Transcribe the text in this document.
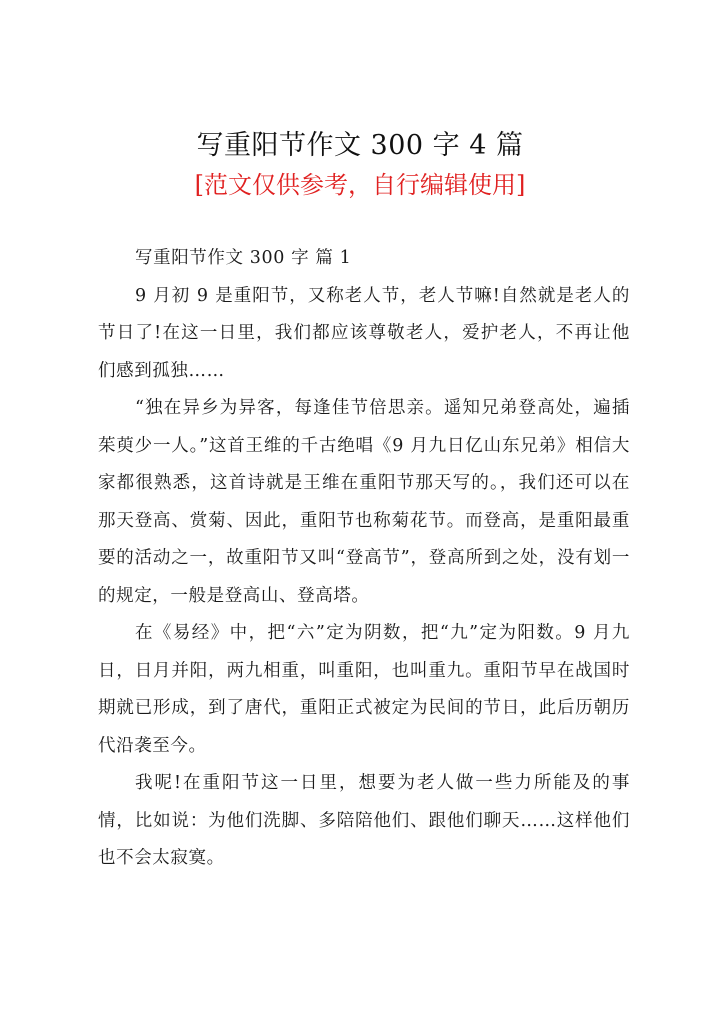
写重阳节作文 300 字 4 篇
[范文仅供参考，自行编辑使用]

写重阳节作文 300 字 篇 1

9 月初 9 是重阳节，又称老人节，老人节嘛!自然就是老人的节日了!在这一日里，我们都应该尊敬老人，爱护老人，不再让他们感到孤独……

“独在异乡为异客，每逢佳节倍思亲。遥知兄弟登高处，遍插茱萸少一人。”这首王维的千古绝唱《9 月九日亿山东兄弟》相信大家都很熟悉，这首诗就是王维在重阳节那天写的。，我们还可以在那天登高、赏菊、因此，重阳节也称菊花节。而登高，是重阳最重要的活动之一，故重阳节又叫“登高节”，登高所到之处，没有划一的规定，一般是登高山、登高塔。

在《易经》中，把“六”定为阴数，把“九”定为阳数。9 月九日，日月并阳，两九相重，叫重阳，也叫重九。重阳节早在战国时期就已形成，到了唐代，重阳正式被定为民间的节日，此后历朝历代沿袭至今。

我呢!在重阳节这一日里，想要为老人做一些力所能及的事情，比如说：为他们洗脚、多陪陪他们、跟他们聊天……这样他们也不会太寂寞。
